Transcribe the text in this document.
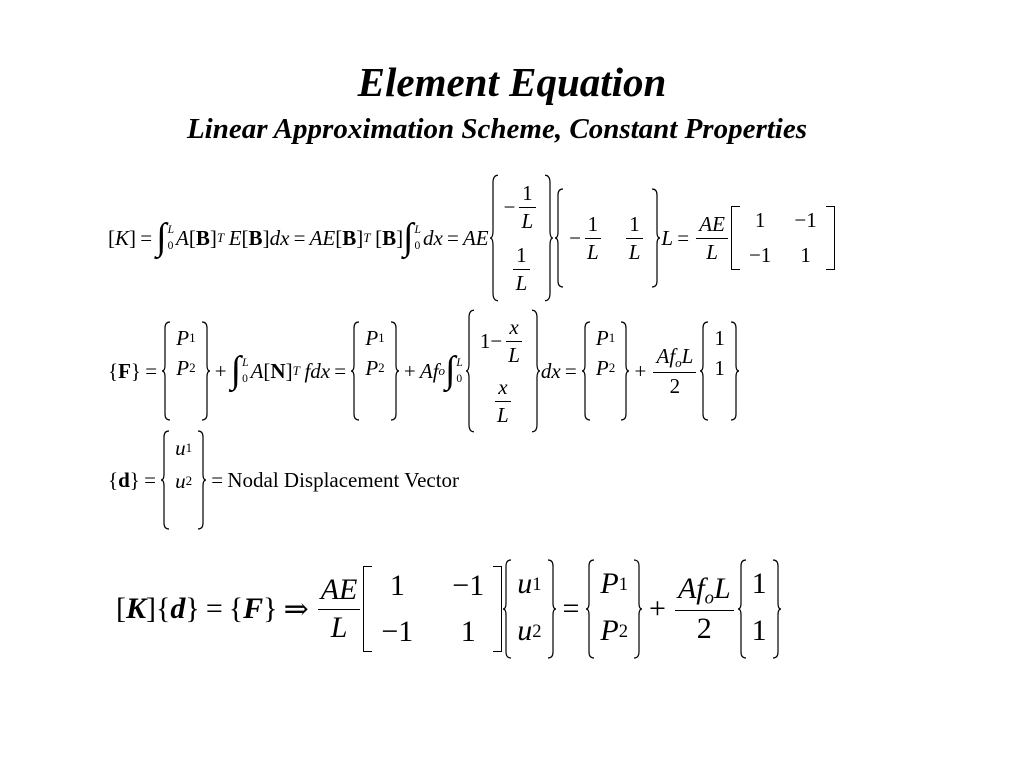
Element Equation
Linear Approximation Scheme, Constant Properties
[ K ] = ∫ L
0 A [ B ] T E [ B ] dx = AE [ B ] T [ B ] ∫ L
0 dx = AE
− $\frac{1}{L}$
$\frac{1}{L}$
− $\frac{1}{L} \frac{1}{L}$ $L = \frac{AE}{L} 1 -1$
−1 1
{ F } =
P 1
P 2 + ∫ L
0 A [ N ] T fdx =
P 1
P 2 + A f o ∫ L
0
$1- \frac{x}{L}$
$\frac{x}{L}$
dx =
P 1
P $2 + \frac{Af_oL}{2}$
1
1
{ d } =
u 1
u 2 = Nodal Displacement Vector
[ K ]{ d } = { F } ⇒ $\frac{AE}{L} 1 -1$
−1 1
u 1
u 2
=
P 1
P 2
+ $\frac{Af_oL}{2} 1$
1
